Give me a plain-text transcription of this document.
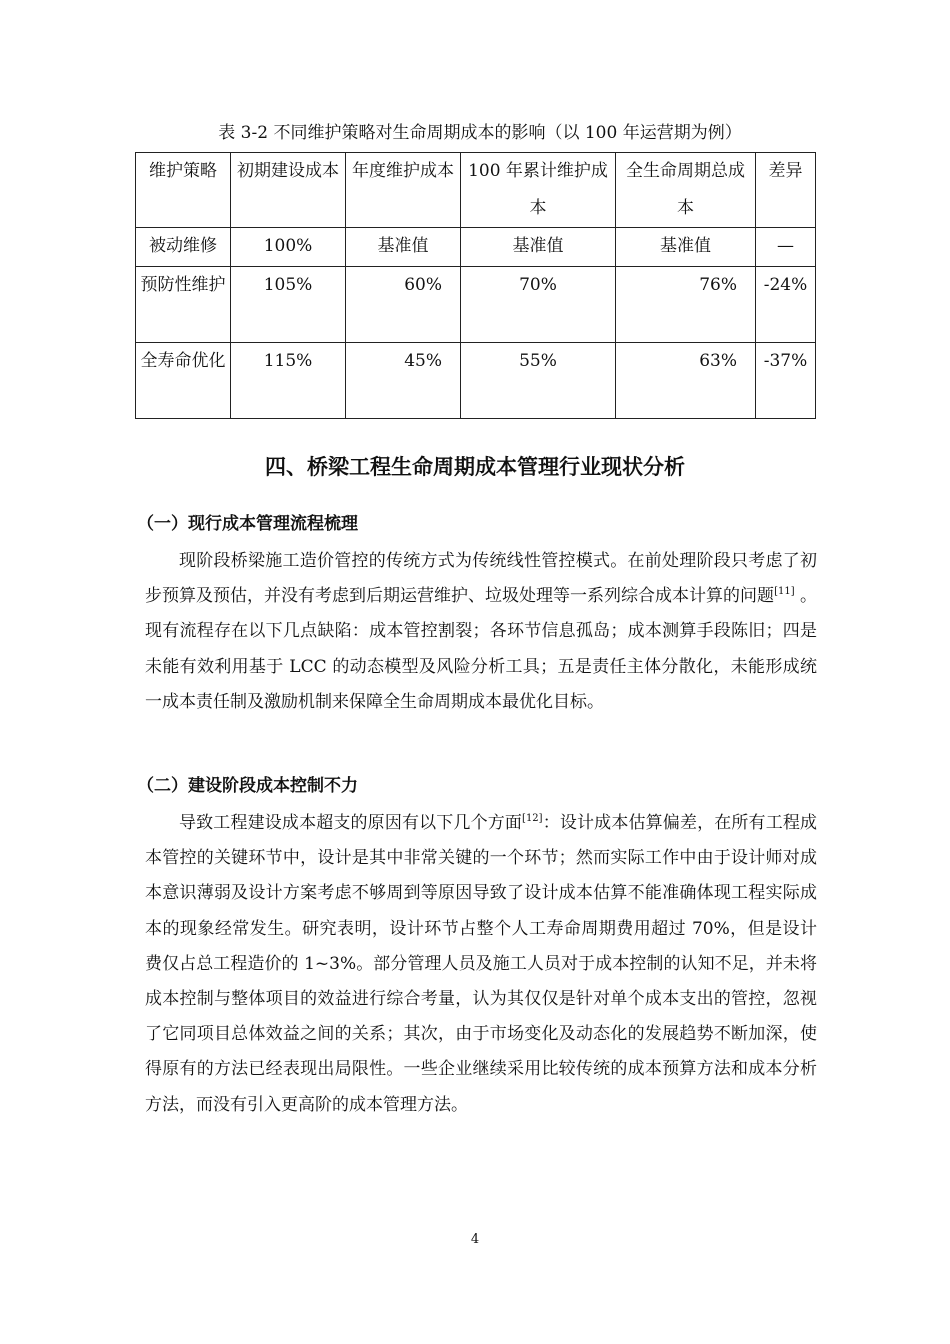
表 3-2 不同维护策略对生命周期成本的影响（以 100 年运营期为例）
维护策略	初期建设成本	年度维护成本	100 年累计维护成本	全生命周期总成本	差异
被动维修	100%	基准值	基准值	基准值	—
预防性维护	105%	60%	70%	76%	-24%
全寿命优化	115%	45%	55%	63%	-37%
四、桥梁工程生命周期成本管理行业现状分析
（一）现行成本管理流程梳理
现阶段桥梁施工造价管控的传统方式为传统线性管控模式。在前处理阶段只考虑了初步预算及预估，并没有考虑到后期运营维护、垃圾处理等一系列综合成本计算的问题[11] 。现有流程存在以下几点缺陷：成本管控割裂；各环节信息孤岛；成本测算手段陈旧；四是未能有效利用基于 LCC 的动态模型及风险分析工具；五是责任主体分散化，未能形成统一成本责任制及激励机制来保障全生命周期成本最优化目标。
（二）建设阶段成本控制不力
导致工程建设成本超支的原因有以下几个方面[12]：设计成本估算偏差，在所有工程成本管控的关键环节中，设计是其中非常关键的一个环节；然而实际工作中由于设计师对成本意识薄弱及设计方案考虑不够周到等原因导致了设计成本估算不能准确体现工程实际成本的现象经常发生。研究表明，设计环节占整个人工寿命周期费用超过 70%，但是设计费仅占总工程造价的 1~3%。部分管理人员及施工人员对于成本控制的认知不足，并未将成本控制与整体项目的效益进行综合考量，认为其仅仅是针对单个成本支出的管控，忽视了它同项目总体效益之间的关系；其次，由于市场变化及动态化的发展趋势不断加深，使得原有的方法已经表现出局限性。一些企业继续采用比较传统的成本预算方法和成本分析方法，而没有引入更高阶的成本管理方法。
4
